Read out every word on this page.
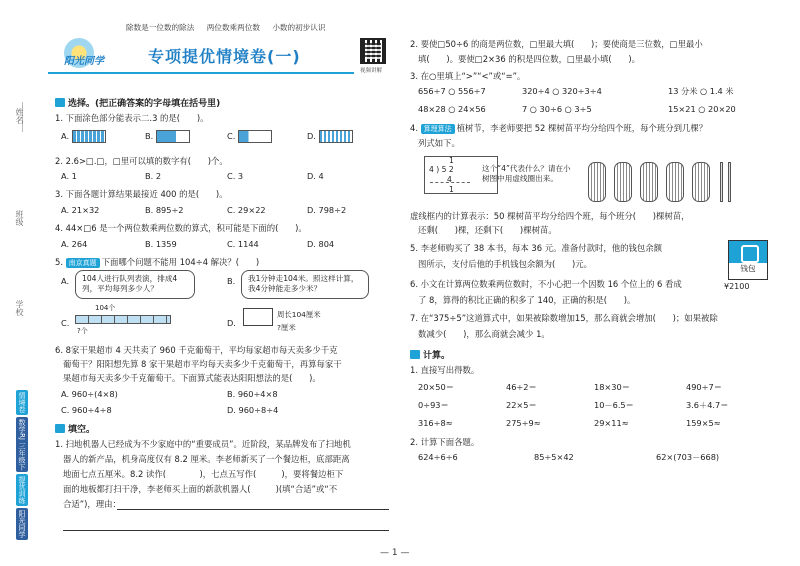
姓名
班级
学校
情境卷
数学RJ 三年级下
提优训练
阳光同学
除数是一位数的除法 两位数乘两位数 小数的初步认识
阳光同学	专项提优情境卷(一)
视频讲解
选择。(把正确答案的字母填在括号里)
1. 下面涂色部分能表示二.3 的是(　　)。
A.	B.	C.	D.
2. 2.6>□.□，□里可以填的数字有(　　)个。
A. 1	B. 2	C. 3	D. 4
3. 下面各题计算结果最接近 400 的是(　　)。
A. 21×32	B. 895÷2	C. 29×22	D. 798÷2
4. 44×□6 是一个两位数乘两位数的算式，积可能是下面的(　　)。
A. 264	B. 1359	C. 1144	D. 804
5. 南京真题 下面哪个问题不能用 104÷4 解决？(　　)
A.	104人进行队列表演，排成4列，平均每列多少人？
B.	我1分钟走104米。照这样计算，我4分钟能走多少米？
C.
104个
?个
D.
周长104厘米
?厘米
6. 8家干果超市 4 天共卖了 960 千克葡萄干，平均每家超市每天卖多少千克
葡萄干？阳阳想先算 8 家干果超市平均每天卖多少千克葡萄干，再算每家干
果超市每天卖多少千克葡萄干。下面算式能表达阳阳想法的是(　　)。
A. 960÷(4×8)	B. 960÷4×8
C. 960÷4÷8	D. 960÷8÷4
填空。
1. 扫地机器人已经成为不少家庭中的“重要成员”。近阶段，某品牌发布了扫地机
器人的新产品，机身高度仅有 8.2 厘米。李老师新买了一个餐边柜，底部距离
地面七点五厘米。8.2 读作(　　　　)，七点五写作(　　　)，要将餐边柜下
面的地板都打扫干净，李老师买上面的新款机器人(　　　)(填“合适”或“不
合适”)，理由：
2. 要使□50÷6 的商是两位数，□里最大填(　　)；要使商是三位数，□里最小
填(　　)。要使□2×36 的积是四位数，□里最小填(　　)。
3. 在○里填上“>”“<”或“=”。
656÷7 ○ 556÷7	320÷4 ○ 320÷3÷4	13 分米 ○ 1.4 米
48×28 ○ 24×56	7 ○ 30÷6 ○ 3÷5	15×21 ○ 20×20
4. 算理算法 植树节，李老师要把 52 棵树苗平均分给四个班，每个班分到几棵？
列式如下。
1
4 ) 5 2
4
1
这个“4”代表什么？请在小树图中用虚线圈出来。
虚线框内的计算表示：50 棵树苗平均分给四个班，每个班分(　　)棵树苗，
还剩(　　)棵，还剩下(　　)棵树苗。
5. 李老师购买了 38 本书，每本 36 元。准备付款时，他的钱包余额
图所示，支付后他的手机钱包余额为(　　)元。	钱包
¥2100
6. 小文在计算两位数乘两位数时，不小心把一个因数 16 个位上的 6 看成
了 8，算得的积比正确的积多了 140，正确的积是(　　)。
7. 在“375÷5”这道算式中，如果被除数增加15，那么商就会增加(　　)；如果被除
数减少(　　)，那么商就会减少 1。
计算。
1. 直接写出得数。
20×50＝	46÷2＝	18×30＝	490÷7＝
0÷93＝	22×5＝	10－6.5＝	3.6＋4.7＝
316÷8≈	275÷9≈	29×11≈	159×5≈
2. 计算下面各题。
624÷6÷6	85÷5×42	62×(703－668)
— 1 —
